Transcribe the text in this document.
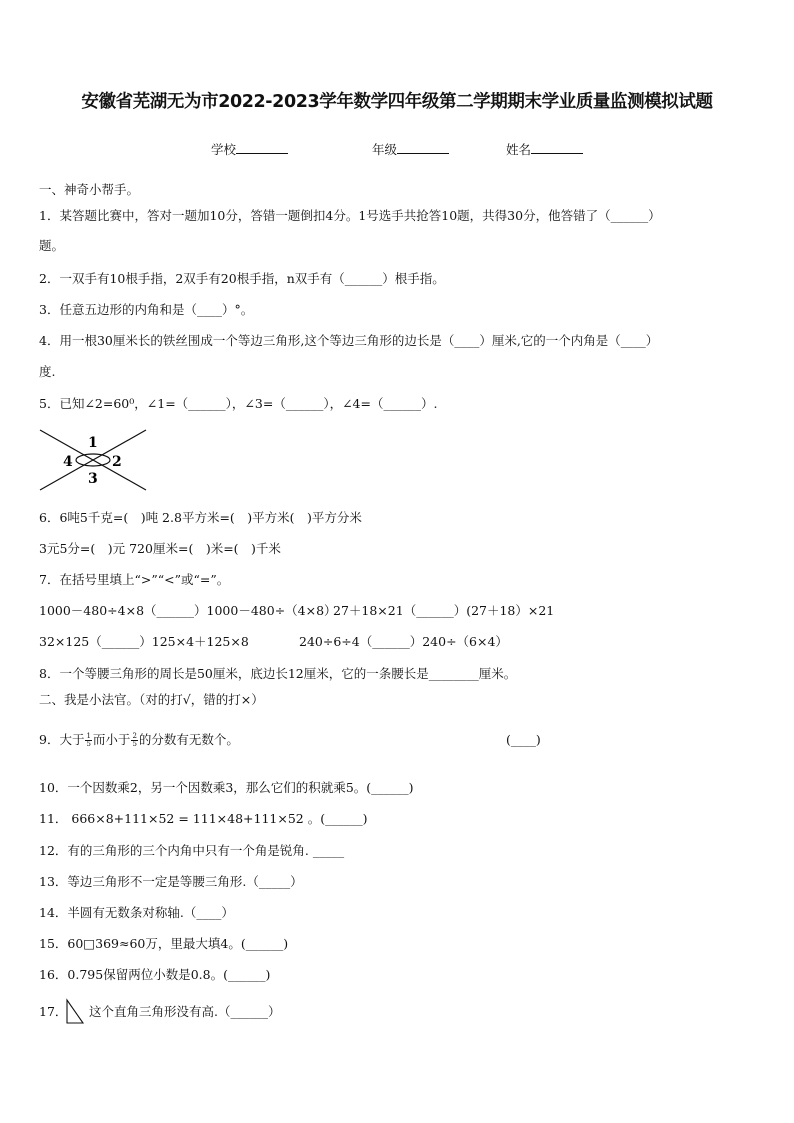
安徽省芜湖无为市2022-2023学年数学四年级第二学期期末学业质量监测模拟试题
学校	年级	姓名
一、神奇小帮手。
1．某答题比赛中，答对一题加10分，答错一题倒扣4分。1号选手共抢答10题，共得30分，他答错了（______）
题。
2．一双手有10根手指，2双手有20根手指，n双手有（______）根手指。
3．任意五边形的内角和是（____）°。
4．用一根30厘米长的铁丝围成一个等边三角形,这个等边三角形的边长是（____）厘米,它的一个内角是（____）
度.
5．已知∠2=60⁰，∠1=（______），∠3=（______），∠4=（______）.
1
2
3
4
6．6吨5千克=(　)吨 2.8平方米=(　)平方米(　)平方分米
3元5分=(　)元 720厘米=(　)米=(　)千米
7．在括号里填上“>”“<”或“=”。
1000－480÷4×8（______）1000－480÷（4×8）
27＋18×21（______）(27＋18）×21
32×125（______）125×4＋125×8	240÷6÷4（______）240÷（6×4）
8．一个等腰三角形的周长是50厘米，底边长12厘米，它的一条腰长是________厘米。
二、我是小法官。（对的打√，错的打×）
9．大于 $\frac{1}{5}$ 而小于 $\frac{2}{5}$ 的分数有无数个。	(____)
10．一个因数乘2，另一个因数乘3，那么它们的积就乘5。(______)
11． 666×8+111×52 = 111×48+111×52 。(______)
12．有的三角形的三个内角中只有一个角是锐角. _____
13．等边三角形不一定是等腰三角形.（_____）
14．半圆有无数条对称轴.（____）
15．60□369≈60万，里最大填4。(______)
16．0.795保留两位小数是0.8。(______)
17． 这个直角三角形没有高.（______）
